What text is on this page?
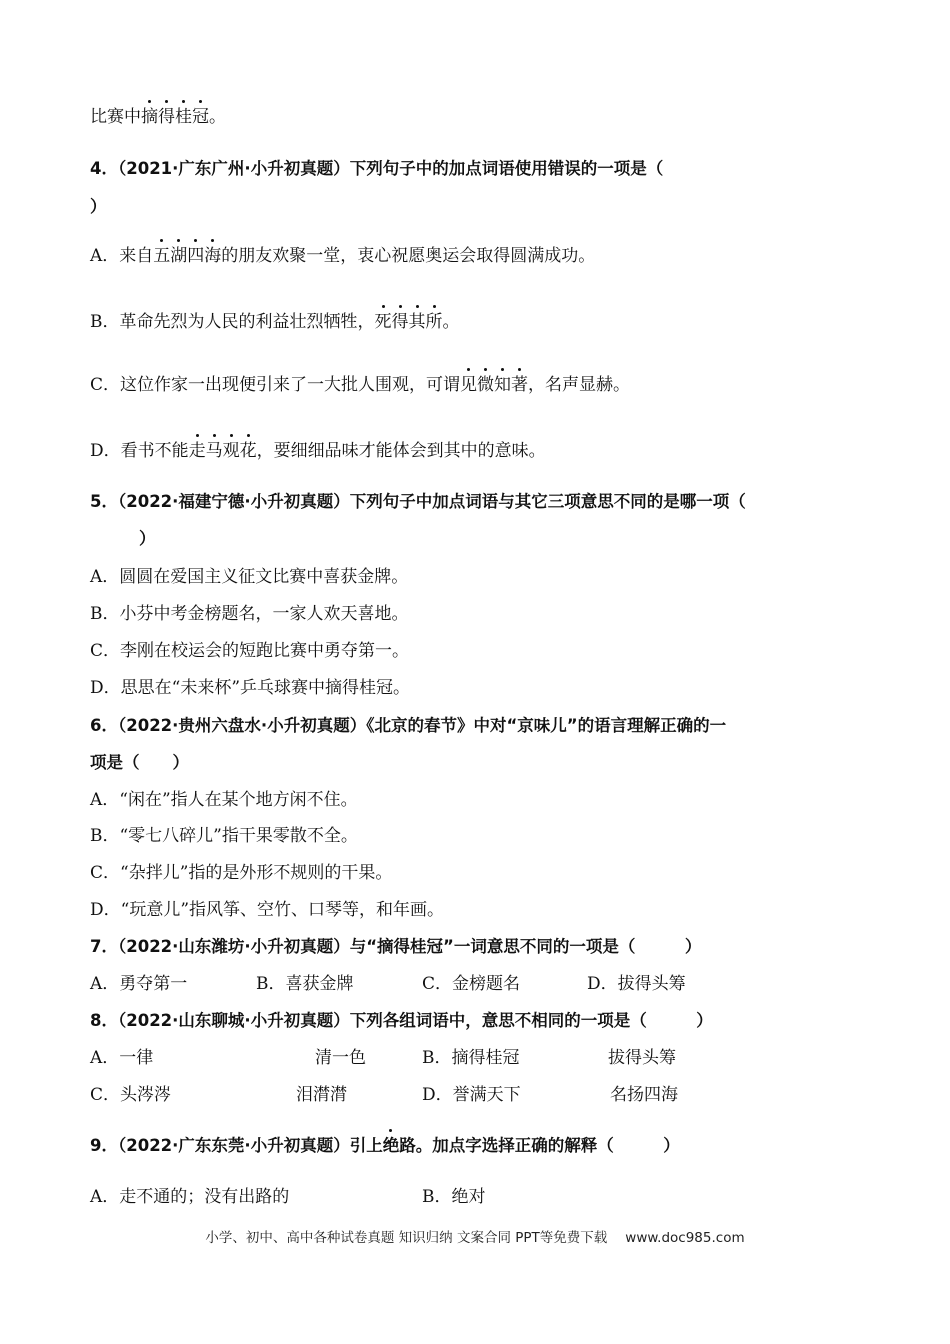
比赛中摘得桂冠。
4．（2021·广东广州·小升初真题）下列句子中的加点词语使用错误的一项是（
）
A．来自五湖四海的朋友欢聚一堂，衷心祝愿奥运会取得圆满成功。
B．革命先烈为人民的利益壮烈牺牲，死得其所。
C．这位作家一出现便引来了一大批人围观，可谓见微知著，名声显赫。
D．看书不能走马观花，要细细品味才能体会到其中的意味。
5．（2022·福建宁德·小升初真题）下列句子中加点词语与其它三项意思不同的是哪一项（
）
A．圆圆在爱国主义征文比赛中喜获金牌。
B．小芬中考金榜题名，一家人欢天喜地。
C．李刚在校运会的短跑比赛中勇夺第一。
D．思思在“未来杯”乒乓球赛中摘得桂冠。
6．（2022·贵州六盘水·小升初真题）《北京的春节》中对“京味儿”的语言理解正确的一
项是（　　）
A．“闲在”指人在某个地方闲不住。
B．“零七八碎儿”指干果零散不全。
C．“杂拌儿”指的是外形不规则的干果。
D．“玩意儿”指风筝、空竹、口琴等，和年画。
7．（2022·山东潍坊·小升初真题）与“摘得桂冠”一词意思不同的一项是（　　　）
A．勇夺第一	B．喜获金牌	C．金榜题名	D．拔得头筹
8．（2022·山东聊城·小升初真题）下列各组词语中，意思不相同的一项是（　　　）
A．一律	清一色	B．摘得桂冠	拔得头筹
C．头涔涔	泪潸潸	D．誉满天下	名扬四海
9．（2022·广东东莞·小升初真题）引上绝路。加点字选择正确的解释（　　　）
A．走不通的；没有出路的	B．绝对
小学、初中、高中各种试卷真题 知识归纳 文案合同 PPT等免费下载 www.doc985.com
